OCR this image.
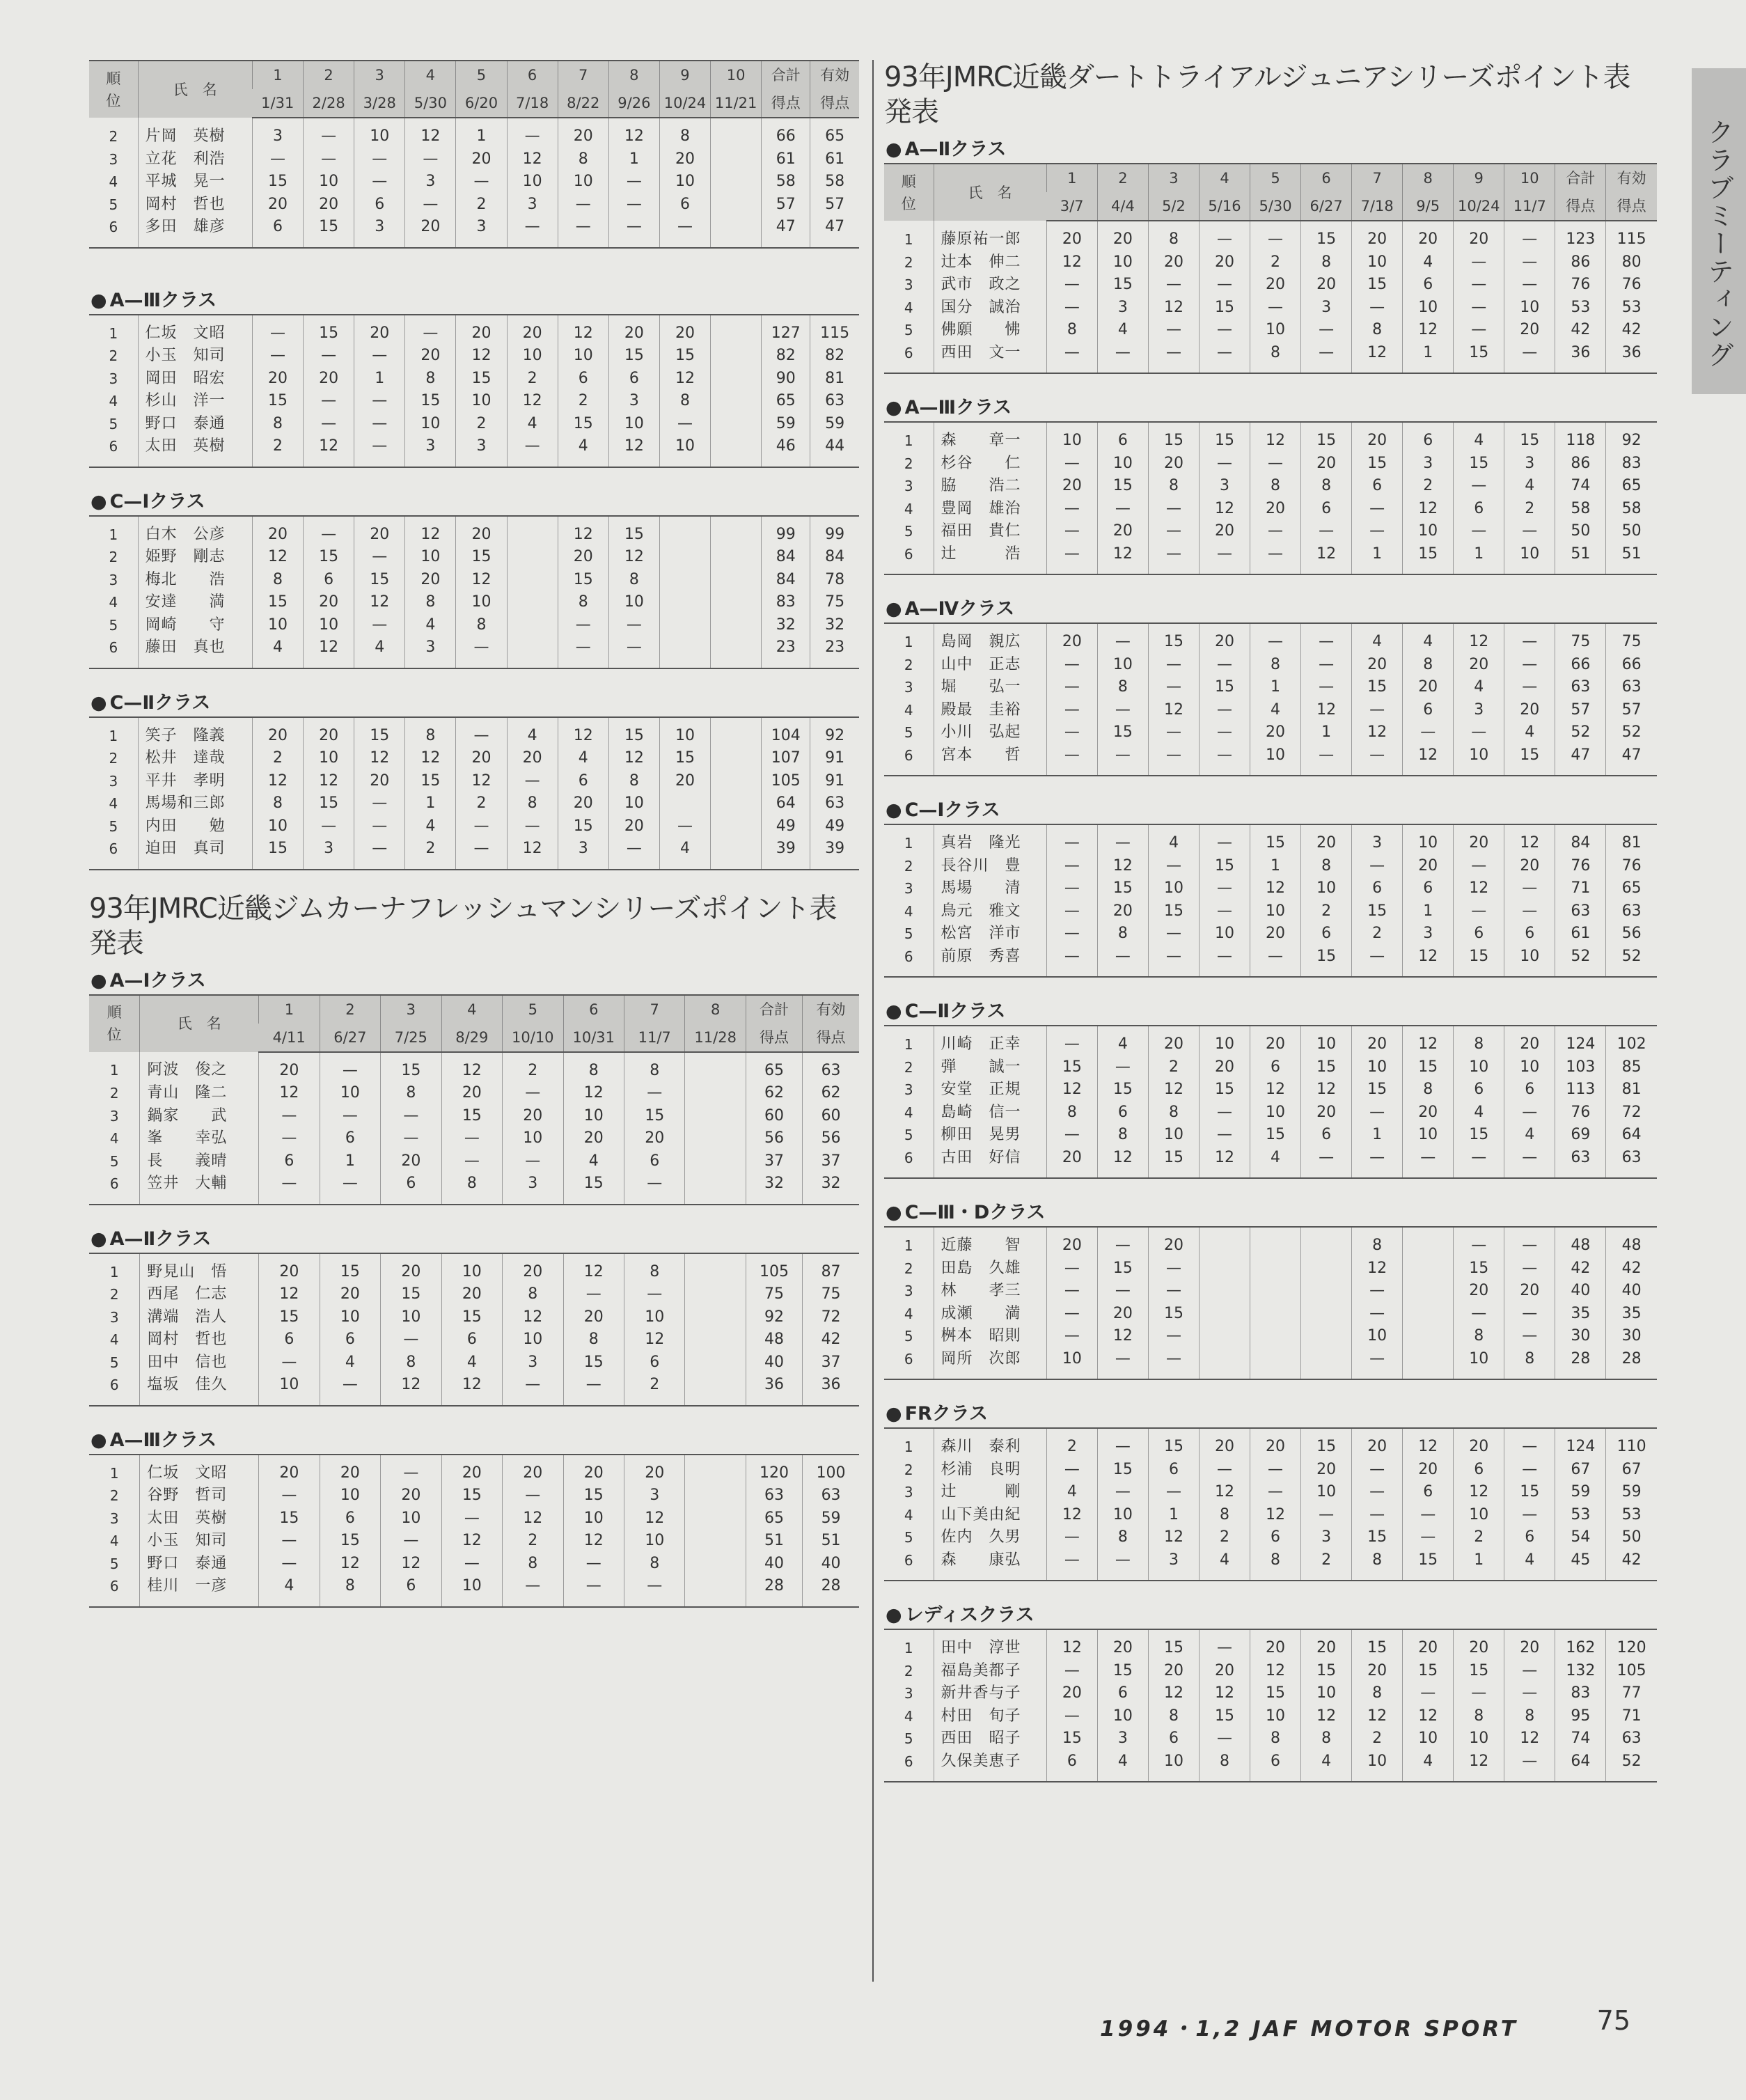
順
位	氏　名	1	2	3	4	5	6	7	8	9	10	合計	有効
		1/31	2/28	3/28	5/30	6/20	7/18	8/22	9/26	10/24	11/21	得点	得点
2	片岡　英樹	3	—	10	12	1	—	20	12	8		66	65
3	立花　利浩	—	—	—	—	20	12	8	1	20		61	61
4	平城　晃一	15	10	—	3	—	10	10	—	10		58	58
5	岡村　哲也	20	20	6	—	2	3	—	—	6		57	57
6	多田　雄彦	6	15	3	20	3	—	—	—	—		47	47
● A—Ⅲクラス
1	仁坂　文昭	—	15	20	—	20	20	12	20	20		127	115
2	小玉　知司	—	—	—	20	12	10	10	15	15		82	82
3	岡田　昭宏	20	20	1	8	15	2	6	6	12		90	81
4	杉山　洋一	15	—	—	15	10	12	2	3	8		65	63
5	野口　泰通	8	—	—	10	2	4	15	10	—		59	59
6	太田　英樹	2	12	—	3	3	—	4	12	10		46	44
● C—Ⅰクラス
1	白木　公彦	20	—	20	12	20		12	15			99	99
2	姫野　剛志	12	15	—	10	15		20	12			84	84
3	梅北　　浩	8	6	15	20	12		15	8			84	78
4	安達　　満	15	20	12	8	10		8	10			83	75
5	岡崎　　守	10	10	—	4	8		—	—			32	32
6	藤田　真也	4	12	4	3	—		—	—			23	23
● C—Ⅱクラス
1	笑子　隆義	20	20	15	8	—	4	12	15	10		104	92
2	松井　達哉	2	10	12	12	20	20	4	12	15		107	91
3	平井　孝明	12	12	20	15	12	—	6	8	20		105	91
4	馬場和三郎	8	15	—	1	2	8	20	10			64	63
5	内田　　勉	10	—	—	4	—	—	15	20	—		49	49
6	迫田　真司	15	3	—	2	—	12	3	—	4		39	39
93年JMRC近畿ジムカーナフレッシュマンシリーズポイント表
発表
● A—Ⅰクラス
順
位	氏　名	1	2	3	4	5	6	7	8	合計	有効
		4/11	6/27	7/25	8/29	10/10	10/31	11/7	11/28	得点	得点
1	阿波　俊之	20	—	15	12	2	8	8		65	63
2	青山　隆二	12	10	8	20	—	12	—		62	62
3	鍋家　　武	—	—	—	15	20	10	15		60	60
4	峯　　幸弘	—	6	—	—	10	20	20		56	56
5	長　　義晴	6	1	20	—	—	4	6		37	37
6	笠井　大輔	—	—	6	8	3	15	—		32	32
● A—Ⅱクラス
1	野見山　悟	20	15	20	10	20	12	8		105	87
2	西尾　仁志	12	20	15	20	8	—	—		75	75
3	溝端　浩人	15	10	10	15	12	20	10		92	72
4	岡村　哲也	6	6	—	6	10	8	12		48	42
5	田中　信也	—	4	8	4	3	15	6		40	37
6	塩坂　佳久	10	—	12	12	—	—	2		36	36
● A—Ⅲクラス
1	仁坂　文昭	20	20	—	20	20	20	20		120	100
2	谷野　哲司	—	10	20	15	—	15	3		63	63
3	太田　英樹	15	6	10	—	12	10	12		65	59
4	小玉　知司	—	15	—	12	2	12	10		51	51
5	野口　泰通	—	12	12	—	8	—	8		40	40
6	桂川　一彦	4	8	6	10	—	—	—		28	28
93年JMRC近畿ダートトライアルジュニアシリーズポイント表
発表
● A—Ⅱクラス
順
位	氏　名	1	2	3	4	5	6	7	8	9	10	合計	有効
		3/7	4/4	5/2	5/16	5/30	6/27	7/18	9/5	10/24	11/7	得点	得点
1	藤原祐一郎	20	20	8	—	—	15	20	20	20	—	123	115
2	辻本　伸二	12	10	20	20	2	8	10	4	—	—	86	80
3	武市　政之	—	15	—	—	20	20	15	6	—	—	76	76
4	国分　誠治	—	3	12	15	—	3	—	10	—	10	53	53
5	佛願　　怫	8	4	—	—	10	—	8	12	—	20	42	42
6	西田　文一	—	—	—	—	8	—	12	1	15	—	36	36
● A—Ⅲクラス
1	森　　章一	10	6	15	15	12	15	20	6	4	15	118	92
2	杉谷　　仁	—	10	20	—	—	20	15	3	15	3	86	83
3	脇　　浩二	20	15	8	3	8	8	6	2	—	4	74	65
4	豊岡　雄治	—	—	—	12	20	6	—	12	6	2	58	58
5	福田　貴仁	—	20	—	20	—	—	—	10	—	—	50	50
6	辻　　　浩	—	12	—	—	—	12	1	15	1	10	51	51
● A—Ⅳクラス
1	島岡　親広	20	—	15	20	—	—	4	4	12	—	75	75
2	山中　正志	—	10	—	—	8	—	20	8	20	—	66	66
3	堀　　弘一	—	8	—	15	1	—	15	20	4	—	63	63
4	殿最　圭裕	—	—	12	—	4	12	—	6	3	20	57	57
5	小川　弘起	—	15	—	—	20	1	12	—	—	4	52	52
6	宮本　　哲	—	—	—	—	10	—	—	12	10	15	47	47
● C—Ⅰクラス
1	真岩　隆光	—	—	4	—	15	20	3	10	20	12	84	81
2	長谷川　豊	—	12	—	15	1	8	—	20	—	20	76	76
3	馬場　　清	—	15	10	—	12	10	6	6	12	—	71	65
4	鳥元　雅文	—	20	15	—	10	2	15	1	—	—	63	63
5	松宮　洋市	—	8	—	10	20	6	2	3	6	6	61	56
6	前原　秀喜	—	—	—	—	—	15	—	12	15	10	52	52
● C—Ⅱクラス
1	川崎　正幸	—	4	20	10	20	10	20	12	8	20	124	102
2	弾　　誠一	15	—	2	20	6	15	10	15	10	10	103	85
3	安堂　正規	12	15	12	15	12	12	15	8	6	6	113	81
4	島崎　信一	8	6	8	—	10	20	—	20	4	—	76	72
5	柳田　晃男	—	8	10	—	15	6	1	10	15	4	69	64
6	古田　好信	20	12	15	12	4	—	—	—	—	—	63	63
● C—Ⅲ・Dクラス
1	近藤　　智	20	—	20				8		—	—	48	48
2	田島　久雄	—	15	—				12		15	—	42	42
3	林　　孝三	—	—	—				—		20	20	40	40
4	成瀬　　満	—	20	15				—		—	—	35	35
5	桝本　昭則	—	12	—				10		8	—	30	30
6	岡所　次郎	10	—	—				—		10	8	28	28
● FRクラス
1	森川　泰利	2	—	15	20	20	15	20	12	20	—	124	110
2	杉浦　良明	—	15	6	—	—	20	—	20	6	—	67	67
3	辻　　　剛	4	—	—	12	—	10	—	6	12	15	59	59
4	山下美由紀	12	10	1	8	12	—	—	—	10	—	53	53
5	佐内　久男	—	8	12	2	6	3	15	—	2	6	54	50
6	森　　康弘	—	—	3	4	8	2	8	15	1	4	45	42
● レディスクラス
1	田中　淳世	12	20	15	—	20	20	15	20	20	20	162	120
2	福島美都子	—	15	20	20	12	15	20	15	15	—	132	105
3	新井香与子	20	6	12	12	15	10	8	—	—	—	83	77
4	村田　旬子	—	10	8	15	10	12	12	12	8	8	95	71
5	西田　昭子	15	3	6	—	8	8	2	10	10	12	74	63
6	久保美恵子	6	4	10	8	6	4	10	4	12	—	64	52
クラブミーティング
1994・1,2 JAF MOTOR SPORT	75
